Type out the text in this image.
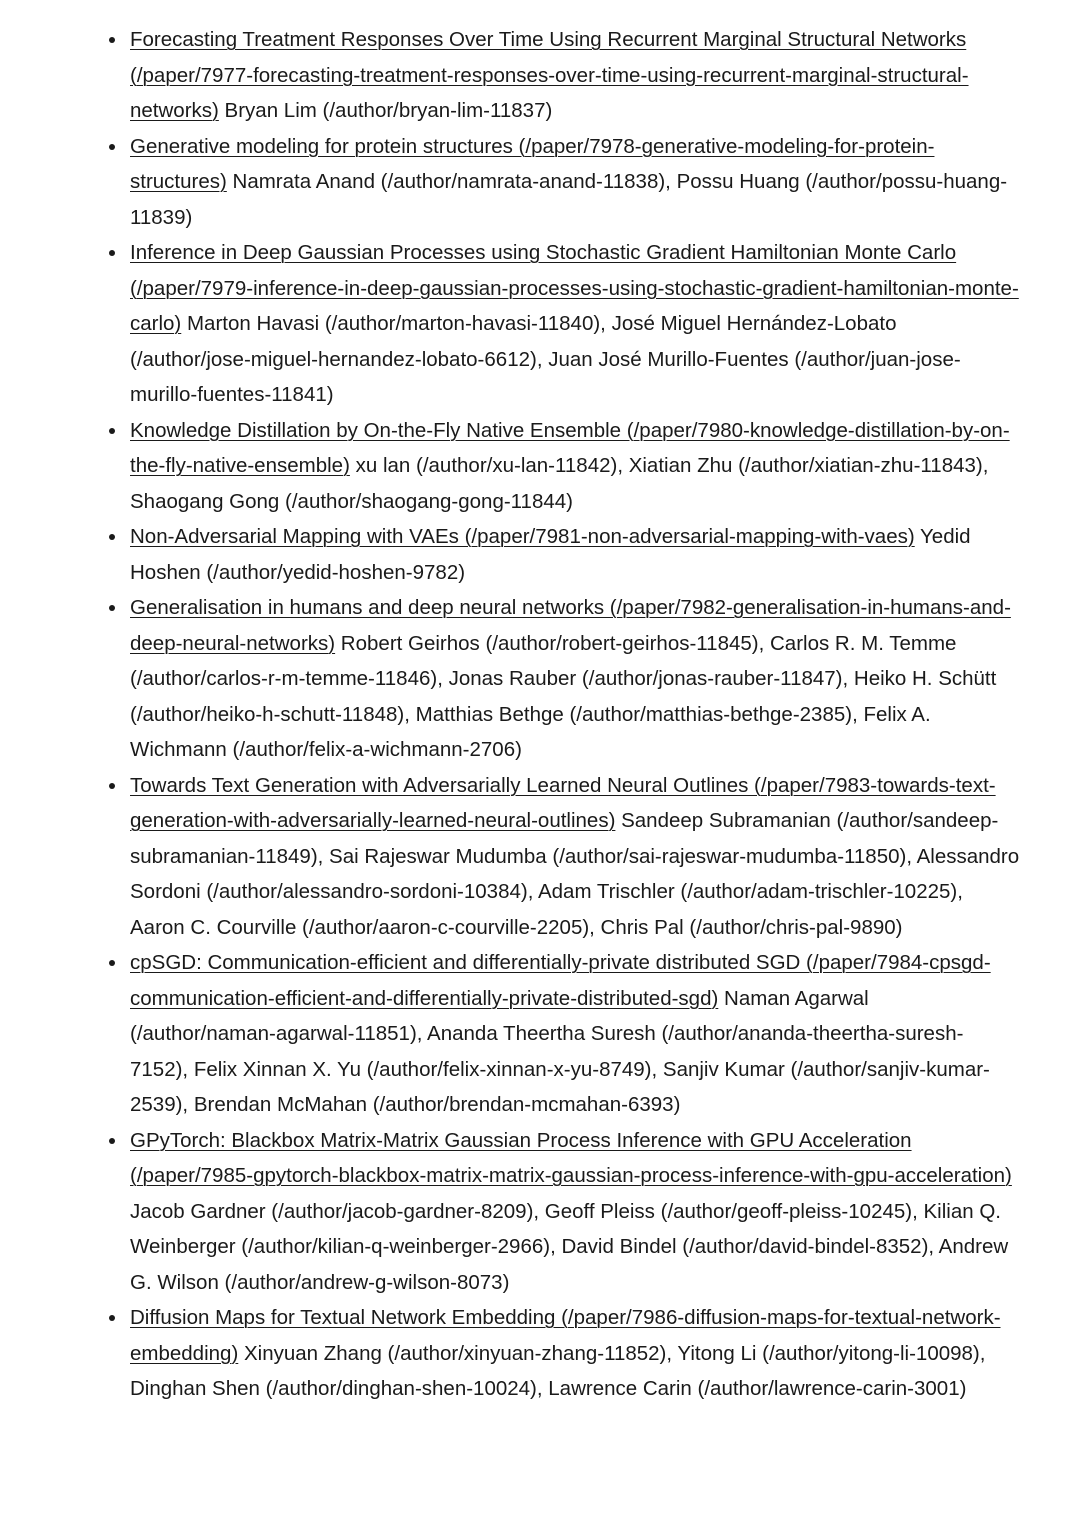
Forecasting Treatment Responses Over Time Using Recurrent Marginal Structural Networks (/paper/7977-forecasting-treatment-responses-over-time-using-recurrent-marginal-structural-networks) Bryan Lim (/author/bryan-lim-11837)
Generative modeling for protein structures (/paper/7978-generative-modeling-for-protein-structures) Namrata Anand (/author/namrata-anand-11838), Possu Huang (/author/possu-huang-11839)
Inference in Deep Gaussian Processes using Stochastic Gradient Hamiltonian Monte Carlo (/paper/7979-inference-in-deep-gaussian-processes-using-stochastic-gradient-hamiltonian-monte-carlo) Marton Havasi (/author/marton-havasi-11840), José Miguel Hernández-Lobato (/author/jose-miguel-hernandez-lobato-6612), Juan José Murillo-Fuentes (/author/juan-jose-murillo-fuentes-11841)
Knowledge Distillation by On-the-Fly Native Ensemble (/paper/7980-knowledge-distillation-by-on-the-fly-native-ensemble) xu lan (/author/xu-lan-11842), Xiatian Zhu (/author/xiatian-zhu-11843), Shaogang Gong (/author/shaogang-gong-11844)
Non-Adversarial Mapping with VAEs (/paper/7981-non-adversarial-mapping-with-vaes) Yedid Hoshen (/author/yedid-hoshen-9782)
Generalisation in humans and deep neural networks (/paper/7982-generalisation-in-humans-and-deep-neural-networks) Robert Geirhos (/author/robert-geirhos-11845), Carlos R. M. Temme (/author/carlos-r-m-temme-11846), Jonas Rauber (/author/jonas-rauber-11847), Heiko H. Schütt (/author/heiko-h-schutt-11848), Matthias Bethge (/author/matthias-bethge-2385), Felix A. Wichmann (/author/felix-a-wichmann-2706)
Towards Text Generation with Adversarially Learned Neural Outlines (/paper/7983-towards-text-generation-with-adversarially-learned-neural-outlines) Sandeep Subramanian (/author/sandeep-subramanian-11849), Sai Rajeswar Mudumba (/author/sai-rajeswar-mudumba-11850), Alessandro Sordoni (/author/alessandro-sordoni-10384), Adam Trischler (/author/adam-trischler-10225), Aaron C. Courville (/author/aaron-c-courville-2205), Chris Pal (/author/chris-pal-9890)
cpSGD: Communication-efficient and differentially-private distributed SGD (/paper/7984-cpsgd-communication-efficient-and-differentially-private-distributed-sgd) Naman Agarwal (/author/naman-agarwal-11851), Ananda Theertha Suresh (/author/ananda-theertha-suresh-7152), Felix Xinnan X. Yu (/author/felix-xinnan-x-yu-8749), Sanjiv Kumar (/author/sanjiv-kumar-2539), Brendan McMahan (/author/brendan-mcmahan-6393)
GPyTorch: Blackbox Matrix-Matrix Gaussian Process Inference with GPU Acceleration (/paper/7985-gpytorch-blackbox-matrix-matrix-gaussian-process-inference-with-gpu-acceleration) Jacob Gardner (/author/jacob-gardner-8209), Geoff Pleiss (/author/geoff-pleiss-10245), Kilian Q. Weinberger (/author/kilian-q-weinberger-2966), David Bindel (/author/david-bindel-8352), Andrew G. Wilson (/author/andrew-g-wilson-8073)
Diffusion Maps for Textual Network Embedding (/paper/7986-diffusion-maps-for-textual-network-embedding) Xinyuan Zhang (/author/xinyuan-zhang-11852), Yitong Li (/author/yitong-li-10098), Dinghan Shen (/author/dinghan-shen-10024), Lawrence Carin (/author/lawrence-carin-3001)
